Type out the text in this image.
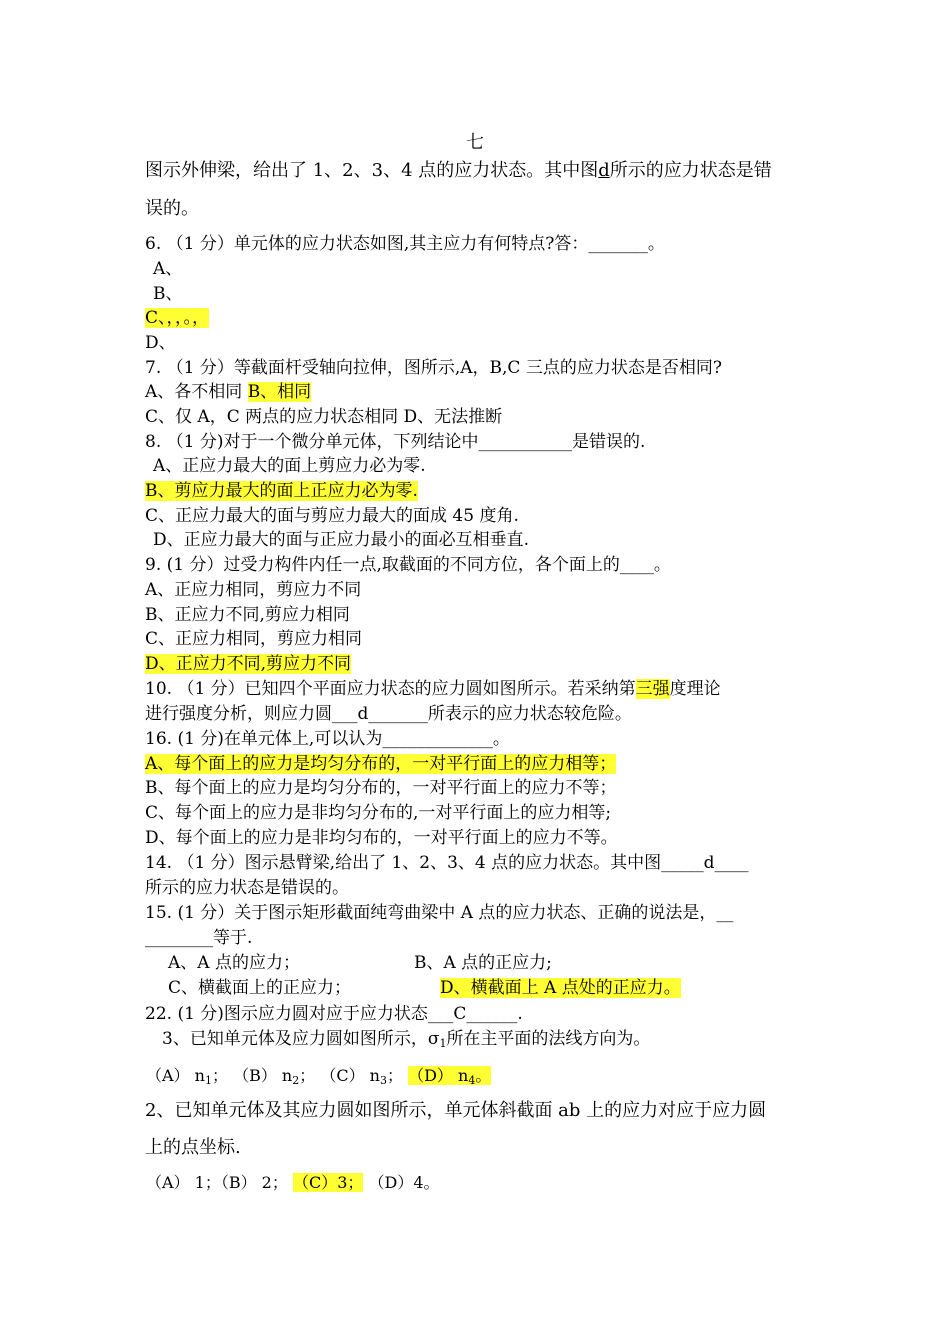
七
图示外伸梁，给出了 1、2、3、4 点的应力状态。其中图d所示的应力状态是错
误的。
6. （1 分）单元体的应力状态如图,其主应力有何特点?答：_______。
A、
B、
C、，，。，
D、
7. （1 分）等截面杆受轴向拉伸，图所示,A，B,C 三点的应力状态是否相同?
A、各不相同 B、相同
C、仅 A，C 两点的应力状态相同 D、无法推断
8. （1 分)对于一个微分单元体，下列结论中___________是错误的.
A、正应力最大的面上剪应力必为零.
B、剪应力最大的面上正应力必为零.
C、正应力最大的面与剪应力最大的面成 45 度角.
D、正应力最大的面与正应力最小的面必互相垂直.
9. (1 分）过受力构件内任一点,取截面的不同方位，各个面上的____。
A、正应力相同，剪应力不同
B、正应力不同,剪应力相同
C、正应力相同，剪应力相同
D、正应力不同,剪应力不同
10. （1 分）已知四个平面应力状态的应力圆如图所示。若采纳第三强度理论
进行强度分析，则应力圆___d_______所表示的应力状态较危险。
16. (1 分)在单元体上,可以认为_____________。
A、每个面上的应力是均匀分布的，一对平行面上的应力相等；
B、每个面上的应力是均匀分布的，一对平行面上的应力不等；
C、每个面上的应力是非均匀分布的,一对平行面上的应力相等;
D、每个面上的应力是非均匀布的，一对平行面上的应力不等。
14. （1 分）图示悬臂梁,给出了 1、2、3、4 点的应力状态。其中图_____d____
所示的应力状态是错误的。
15. (1 分）关于图示矩形截面纯弯曲梁中 A 点的应力状态、正确的说法是，__
________等于.
A、A 点的应力；	B、A 点的正应力;
C、横截面上的正应力；	D、横截面上 A 点处的正应力。
22. (1 分)图示应力圆对应于应力状态___C______.
3、已知单元体及应力圆如图所示，$\sigma_1$所在主平面的法线方向为。
（A） $n_1$； （B） $n_2$； （C） $n_3$； （D） $n_4$。
2、已知单元体及其应力圆如图所示，单元体斜截面 ab 上的应力对应于应力圆
上的点坐标.
（A） 1；（B） 2； （C）3； （D）4。
